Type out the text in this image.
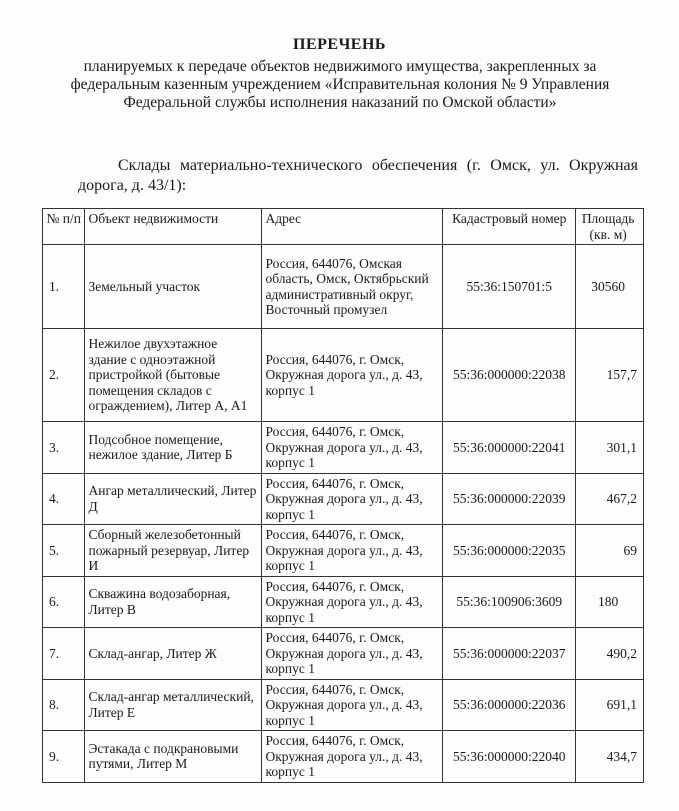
ПЕРЕЧЕНЬ
планируемых к передаче объектов недвижимого имущества, закрепленных за федеральным казенным учреждением «Исправительная колония № 9 Управления Федеральной службы исполнения наказаний по Омской области»
Склады материально-технического обеспечения (г. Омск, ул. Окружная дорога, д. 43/1):
№ п/п	Объект недвижимости	Адрес	Кадастровый номер	Площадь (кв. м)
1.	Земельный участок	Россия, 644076, Омская область, Омск, Октябрьский административный округ, Восточный промузел	55:36:150701:5	30560
2.	Нежилое двухэтажное здание с одноэтажной пристройкой (бытовые помещения складов с ограждением), Литер А, А1	Россия, 644076, г. Омск, Окружная дорога ул., д. 43, корпус 1	55:36:000000:22038	157,7
3.	Подсобное помещение, нежилое здание, Литер Б	Россия, 644076, г. Омск, Окружная дорога ул., д. 43, корпус 1	55:36:000000:22041	301,1
4.	Ангар металлический, Литер Д	Россия, 644076, г. Омск, Окружная дорога ул., д. 43, корпус 1	55:36:000000:22039	467,2
5.	Сборный железобетонный пожарный резервуар, Литер И	Россия, 644076, г. Омск, Окружная дорога ул., д. 43, корпус 1	55:36:000000:22035	69
6.	Скважина водозаборная, Литер В	Россия, 644076, г. Омск, Окружная дорога ул., д. 43, корпус 1	55:36:100906:3609	180
7.	Склад-ангар, Литер Ж	Россия, 644076, г. Омск, Окружная дорога ул., д. 43, корпус 1	55:36:000000:22037	490,2
8.	Склад-ангар металлический, Литер Е	Россия, 644076, г. Омск, Окружная дорога ул., д. 43, корпус 1	55:36:000000:22036	691,1
9.	Эстакада с подкрановыми путями, Литер М	Россия, 644076, г. Омск, Окружная дорога ул., д. 43, корпус 1	55:36:000000:22040	434,7
